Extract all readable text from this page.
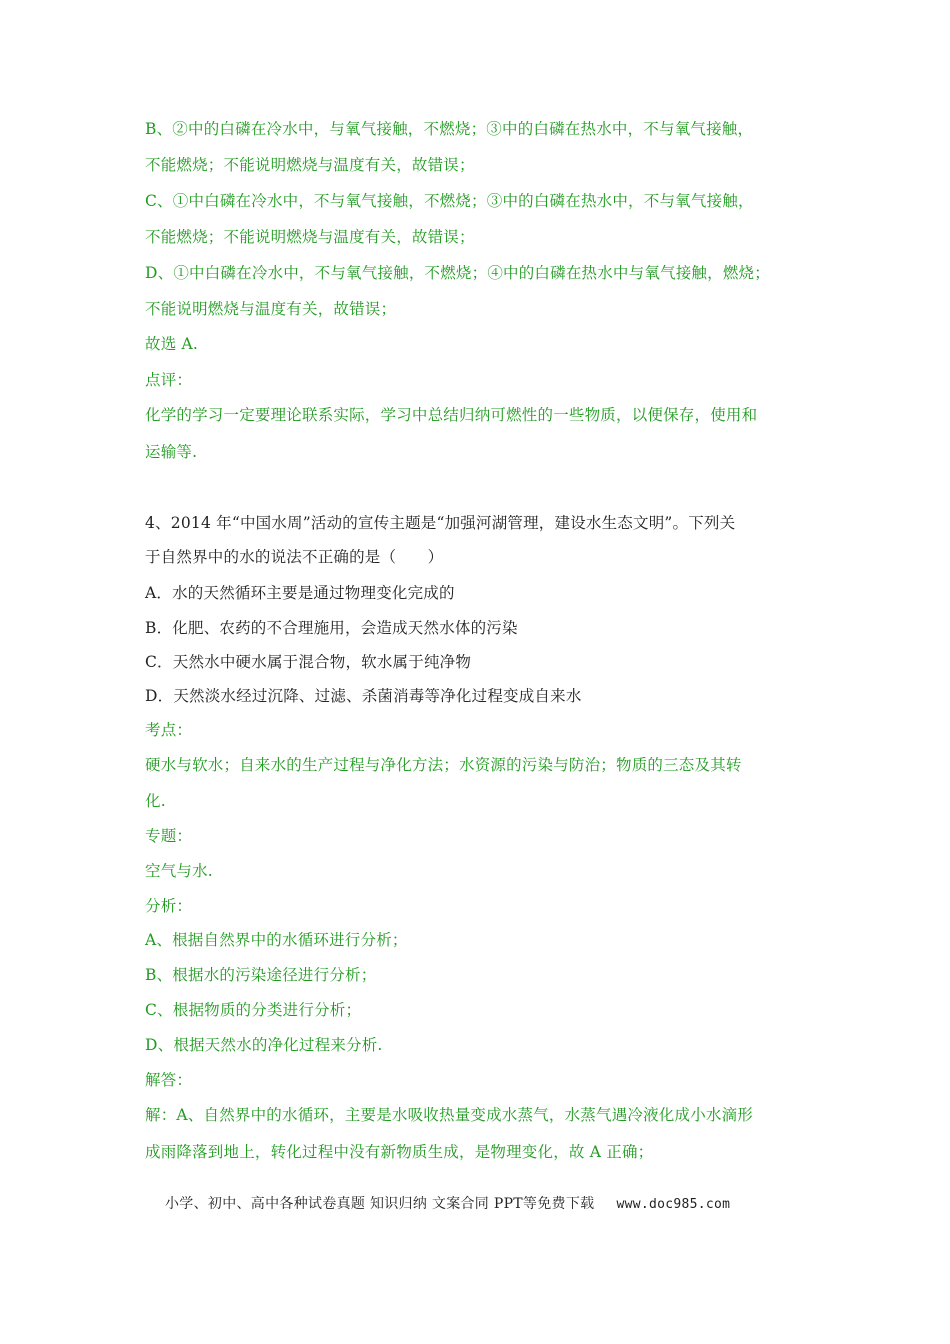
B、②中的白磷在冷水中，与氧气接触，不燃烧；③中的白磷在热水中，不与氧气接触，
不能燃烧；不能说明燃烧与温度有关，故错误；
C、①中白磷在冷水中，不与氧气接触，不燃烧；③中的白磷在热水中，不与氧气接触，
不能燃烧；不能说明燃烧与温度有关，故错误；
D、①中白磷在冷水中，不与氧气接触，不燃烧；④中的白磷在热水中与氧气接触，燃烧；
不能说明燃烧与温度有关，故错误；
故选 A.
点评：
化学的学习一定要理论联系实际，学习中总结归纳可燃性的一些物质，以便保存，使用和
运输等.
4、2014 年“中国水周”活动的宣传主题是“加强河湖管理，建设水生态文明”。下列关
于自然界中的水的说法不正确的是（　　）
A．水的天然循环主要是通过物理变化完成的
B．化肥、农药的不合理施用，会造成天然水体的污染
C．天然水中硬水属于混合物，软水属于纯净物
D．天然淡水经过沉降、过滤、杀菌消毒等净化过程变成自来水
考点：
硬水与软水；自来水的生产过程与净化方法；水资源的污染与防治；物质的三态及其转
化.
专题：
空气与水.
分析：
A、根据自然界中的水循环进行分析；
B、根据水的污染途径进行分析；
C、根据物质的分类进行分析；
D、根据天然水的净化过程来分析.
解答：
解：A、自然界中的水循环，主要是水吸收热量变成水蒸气，水蒸气遇冷液化成小水滴形
成雨降落到地上，转化过程中没有新物质生成，是物理变化，故 A 正确；
小学、初中、高中各种试卷真题 知识归纳 文案合同 PPT等免费下载 www.doc985.com
